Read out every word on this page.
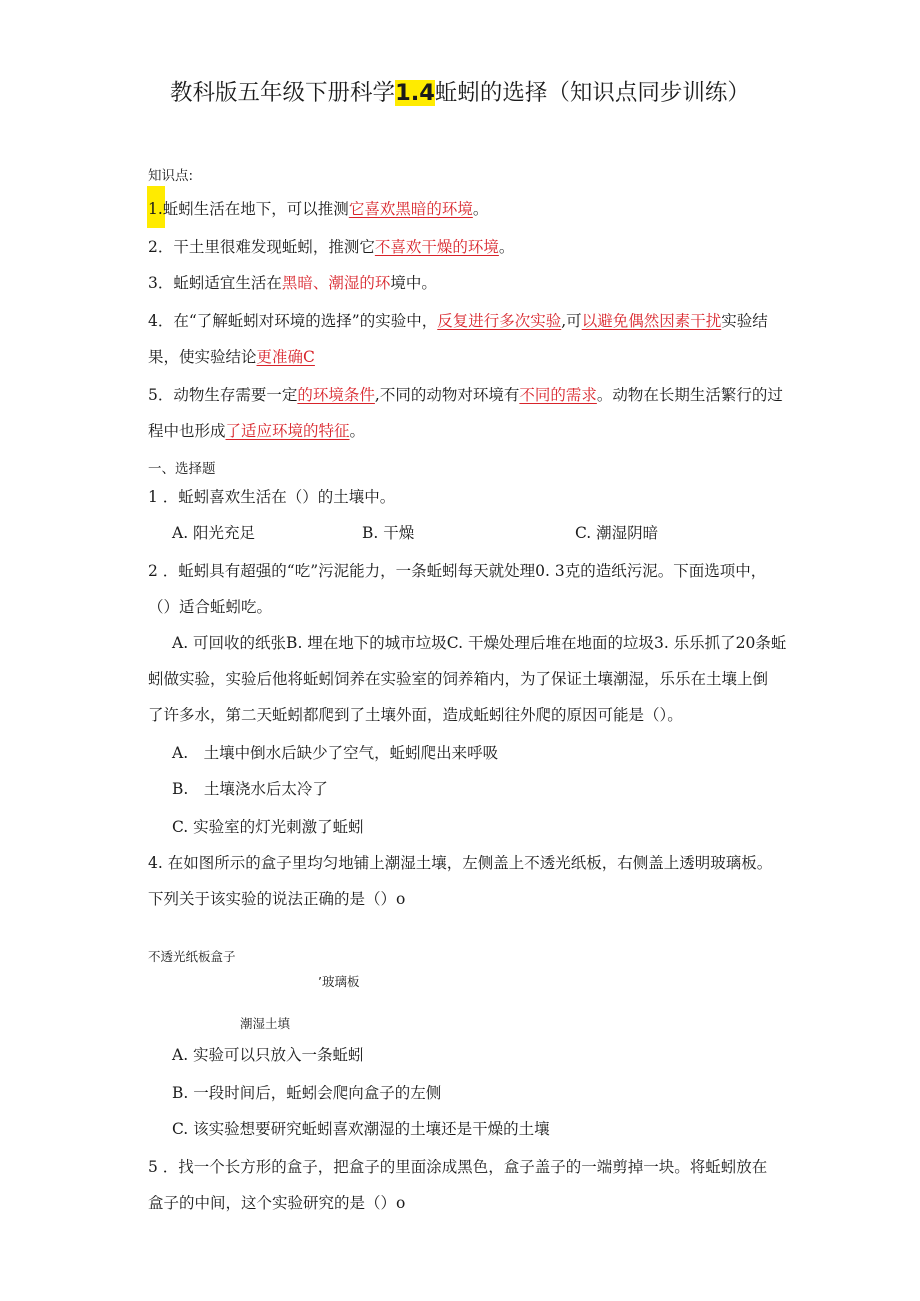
教科版五年级下册科学1.4蚯蚓的选择（知识点同步训练）
知识点:
1.蚯蚓生活在地下，可以推测它喜欢黑暗的环境。
2．干土里很难发现蚯蚓，推测它不喜欢干燥的环境。
3．蚯蚓适宜生活在黑暗、潮湿的环境中。
4．在“了解蚯蚓对环境的选择”的实验中，反复进行多次实验,可以避免偶然因素干扰实验结
果，使实验结论更准确C
5．动物生存需要一定的环境条件,不同的动物对环境有不同的需求。动物在长期生活繁行的过
程中也形成了适应环境的特征。
一、选择题
1 ．蚯蚓喜欢生活在（）的土壤中。
A. 阳光充足	B. 干燥	C. 潮湿阴暗
2 ．蚯蚓具有超强的“吃”污泥能力，一条蚯蚓每天就处理0. 3克的造纸污泥。下面选项中，
（）适合蚯蚓吃。
A. 可回收的纸张B. 埋在地下的城市垃圾C. 干燥处理后堆在地面的垃圾3. 乐乐抓了20条蚯
蚓做实验，实验后他将蚯蚓饲养在实验室的饲养箱内，为了保证土壤潮湿，乐乐在土壤上倒
了许多水，第二天蚯蚓都爬到了土壤外面，造成蚯蚓往外爬的原因可能是（）。
A.　土壤中倒水后缺少了空气，蚯蚓爬出来呼吸
B.　土壤浇水后太冷了
C. 实验室的灯光刺激了蚯蚓
4. 在如图所示的盒子里均匀地铺上潮湿土壤，左侧盖上不透光纸板，右侧盖上透明玻璃板。
下列关于该实验的说法正确的是（）o
不透光纸板盒子
’玻璃板
潮湿土填
A. 实验可以只放入一条蚯蚓
B. 一段时间后，蚯蚓会爬向盒子的左侧
C. 该实验想要研究蚯蚓喜欢潮湿的土壤还是干燥的土壤
5 ．找一个长方形的盒子，把盒子的里面涂成黑色，盒子盖子的一端剪掉一块。将蚯蚓放在
盒子的中间，这个实验研究的是（）o
